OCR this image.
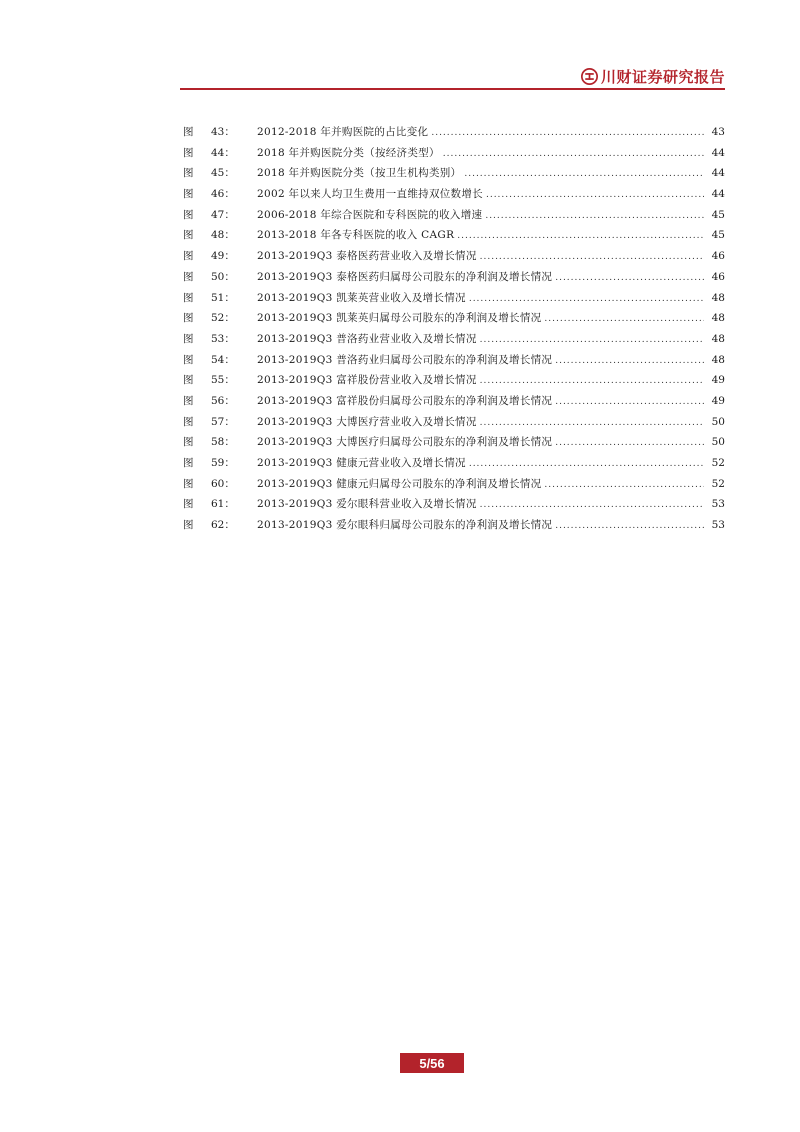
川财证券研究报告
图 43：	2012-2018 年并购医院的占比变化 .....	43
图 44：	2018 年并购医院分类（按经济类型） .....	44
图 45：	2018 年并购医院分类（按卫生机构类别） .....	44
图 46：	2002 年以来人均卫生费用一直维持双位数增长 .....	44
图 47：	2006-2018 年综合医院和专科医院的收入增速 .....	45
图 48：	2013-2018 年各专科医院的收入 CAGR .....	45
图 49：	2013-2019Q3 泰格医药营业收入及增长情况 .....	46
图 50：	2013-2019Q3 泰格医药归属母公司股东的净利润及增长情况 .....	46
图 51：	2013-2019Q3 凯莱英营业收入及增长情况 .....	48
图 52：	2013-2019Q3 凯莱英归属母公司股东的净利润及增长情况 .....	48
图 53：	2013-2019Q3 普洛药业营业收入及增长情况 .....	48
图 54：	2013-2019Q3 普洛药业归属母公司股东的净利润及增长情况 .....	48
图 55：	2013-2019Q3 富祥股份营业收入及增长情况 .....	49
图 56：	2013-2019Q3 富祥股份归属母公司股东的净利润及增长情况 .....	49
图 57：	2013-2019Q3 大博医疗营业收入及增长情况 .....	50
图 58：	2013-2019Q3 大博医疗归属母公司股东的净利润及增长情况 .....	50
图 59：	2013-2019Q3 健康元营业收入及增长情况 .....	52
图 60：	2013-2019Q3 健康元归属母公司股东的净利润及增长情况 .....	52
图 61：	2013-2019Q3 爱尔眼科营业收入及增长情况 .....	53
图 62：	2013-2019Q3 爱尔眼科归属母公司股东的净利润及增长情况 .....	53
5/56
